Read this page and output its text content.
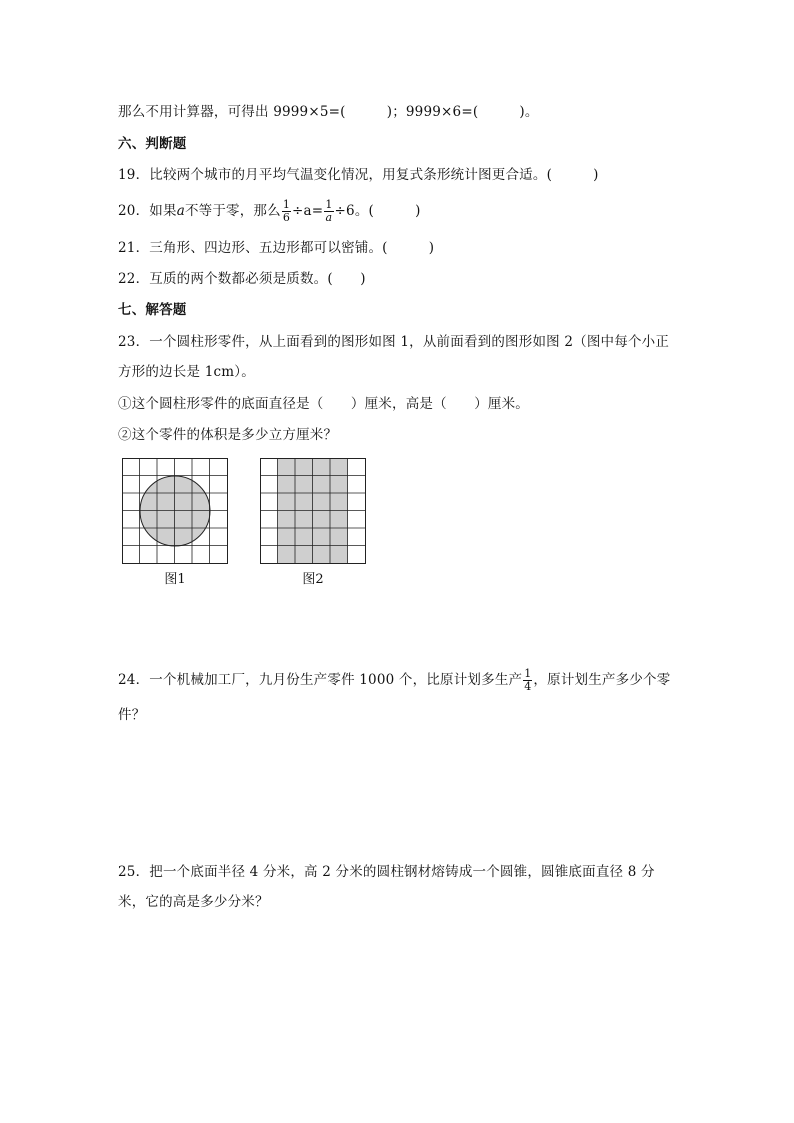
那么不用计算器，可得出 9999×5=(　　　)；9999×6=(　　　)。
六、判断题
19．比较两个城市的月平均气温变化情况，用复式条形统计图更合适。(　　　)
20．如果a不等于零，那么 $\frac{1}{6} \div a= \frac{1}{a} \div 6$。(　　　)
21．三角形、四边形、五边形都可以密铺。(　　　)
22．互质的两个数都必须是质数。(　　)
七、解答题
23．一个圆柱形零件，从上面看到的图形如图 1，从前面看到的图形如图 2（图中每个小正
方形的边长是 1cm）。
①这个圆柱形零件的底面直径是（　　）厘米，高是（　　）厘米。
②这个零件的体积是多少立方厘米？
图1	图2
24．一个机械加工厂，九月份生产零件 1000 个，比原计划多生产 $\frac{1}{4}$ ，原计划生产多少个零
件？
25．把一个底面半径 4 分米，高 2 分米的圆柱钢材熔铸成一个圆锥，圆锥底面直径 8 分
米，它的高是多少分米？
